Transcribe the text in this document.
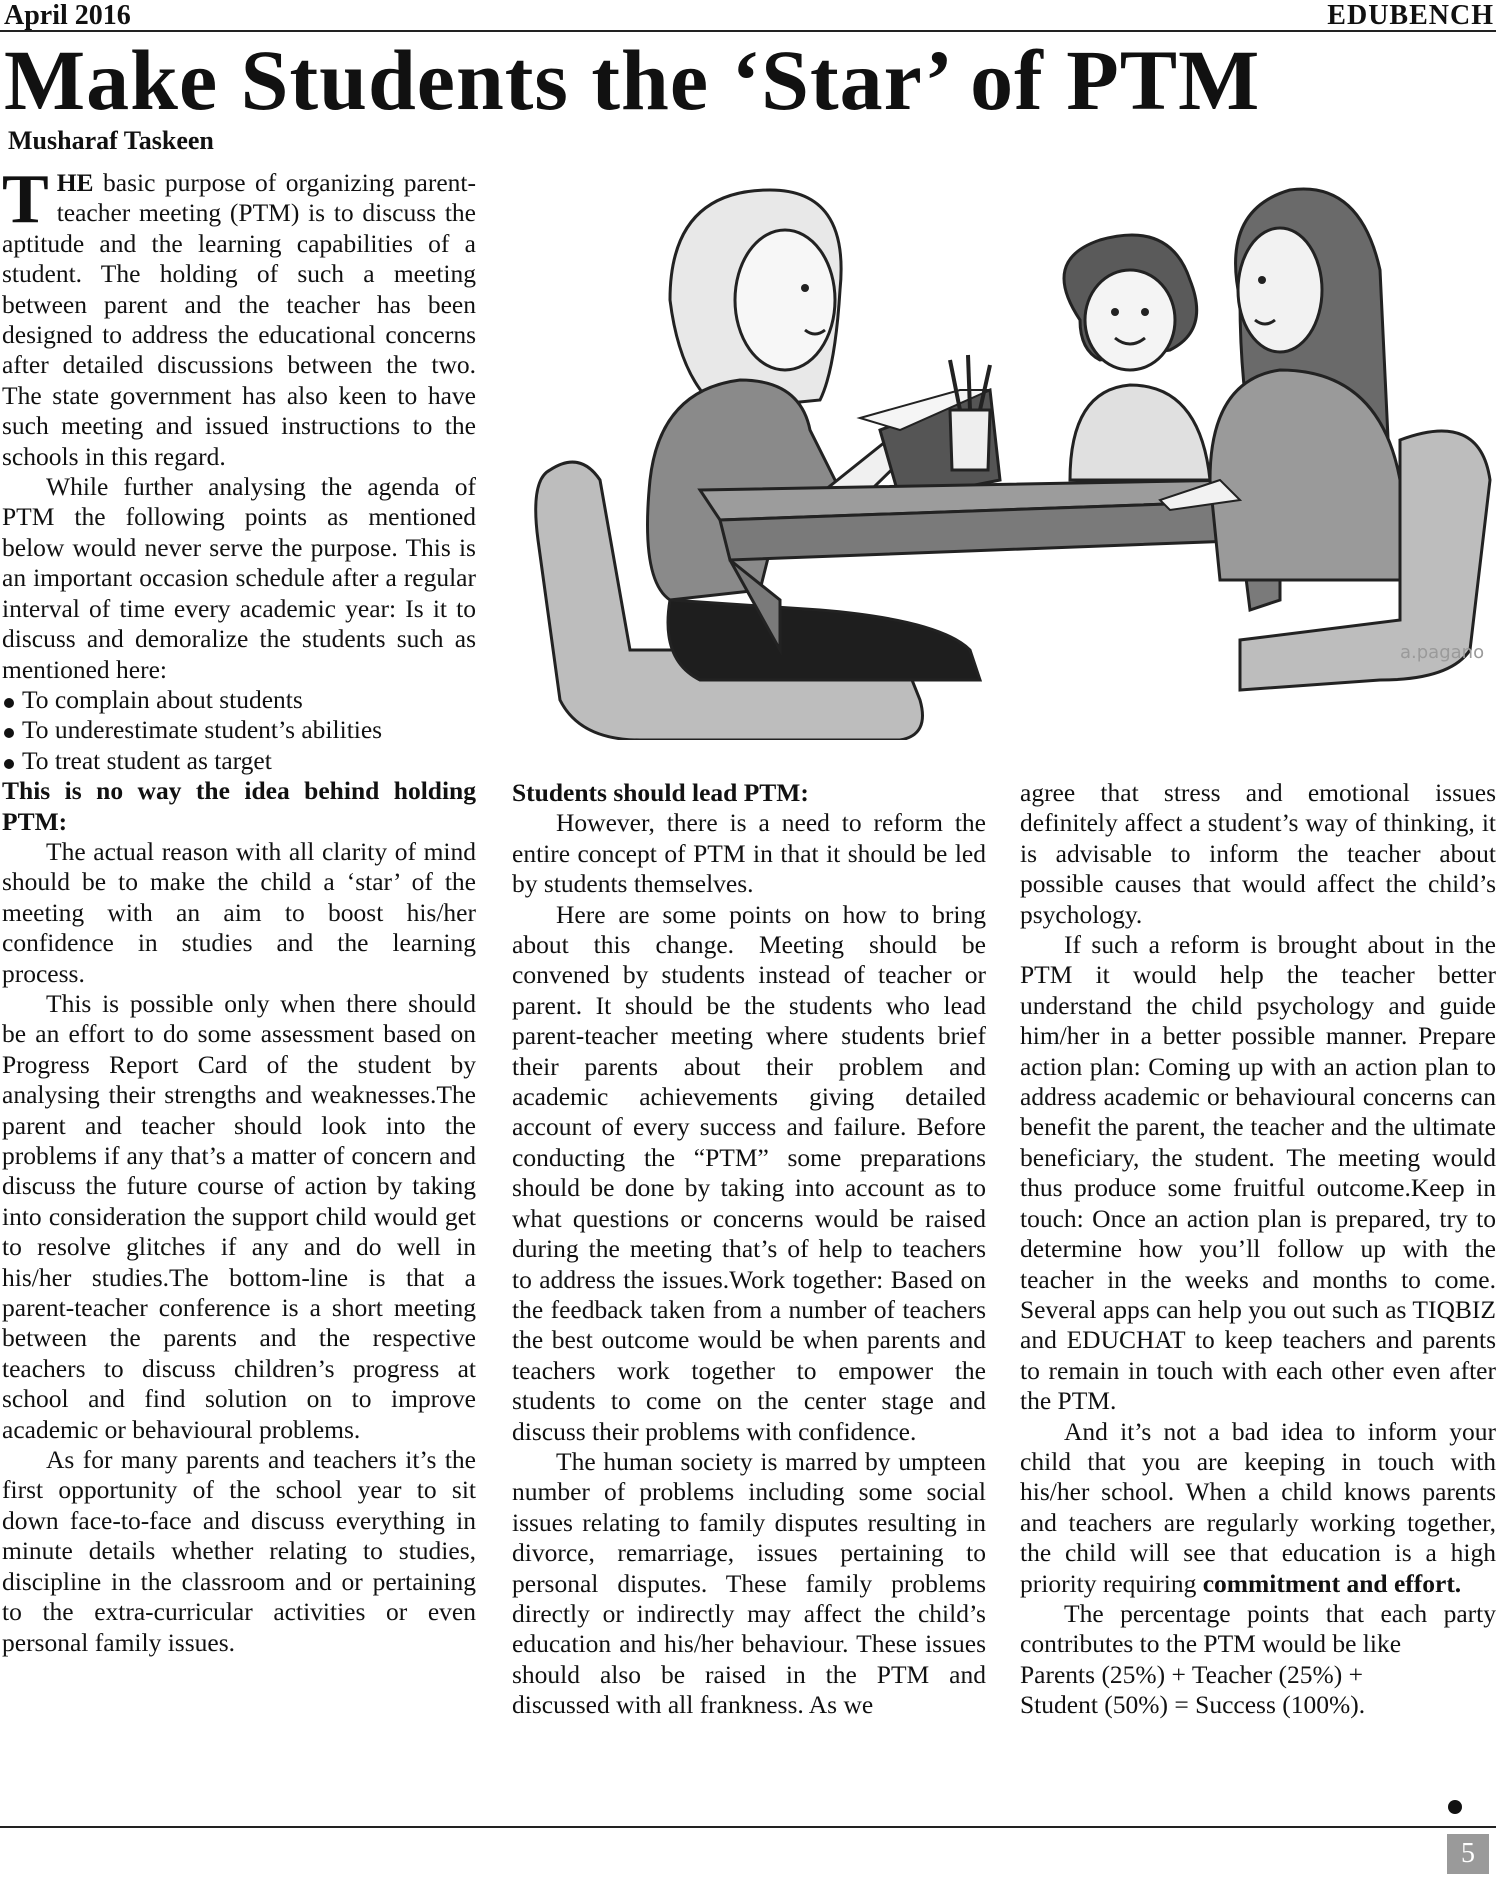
April 2016	EDUBENCH
Make Students the ‘Star’ of PTM
Musharaf Taskeen

THE basic purpose of organizing parent-teacher meeting (PTM) is to discuss the aptitude and the learning capabilities of a student. The holding of such a meeting between parent and the teacher has been designed to address the educational concerns after detailed discussions between the two. The state government has also keen to have such meeting and issued instructions to the schools in this regard.

While further analysing the agenda of PTM the following points as mentioned below would never serve the purpose. This is an important occasion schedule after a regular interval of time every academic year: Is it to discuss and demoralize the students such as mentioned here:

To complain about students
To underestimate student’s abilities
To treat student as target

This is no way the idea behind holding PTM:

The actual reason with all clarity of mind should be to make the child a ‘star’ of the meeting with an aim to boost his/her confidence in studies and the learning process.

This is possible only when there should be an effort to do some assessment based on Progress Report Card of the student by analysing their strengths and weaknesses.The parent and teacher should look into the problems if any that’s a matter of concern and discuss the future course of action by taking into consideration the support child would get to resolve glitches if any and do well in his/her studies.The bottom-line is that a parent-teacher conference is a short meeting between the parents and the respective teachers to discuss children’s progress at school and find solution on to improve academic or behavioural problems.

As for many parents and teachers it’s the first opportunity of the school year to sit down face-to-face and discuss everything in minute details whether relating to studies, discipline in the classroom and or pertaining to the extra-curricular activities or even personal family issues.

a.pagano

Students should lead PTM:

However, there is a need to reform the entire concept of PTM in that it should be led by students themselves.

Here are some points on how to bring about this change. Meeting should be convened by students instead of teacher or parent. It should be the students who lead parent-teacher meeting where students brief their parents about their problem and academic achievements giving detailed account of every success and failure. Before conducting the “PTM” some preparations should be done by taking into account as to what questions or concerns would be raised during the meeting that’s of help to teachers to address the issues.Work together: Based on the feedback taken from a number of teachers the best outcome would be when parents and teachers work together to empower the students to come on the center stage and discuss their problems with confidence.

The human society is marred by umpteen number of problems including some social issues relating to family disputes resulting in divorce, remarriage, issues pertaining to personal disputes. These family problems directly or indirectly may affect the child’s education and his/her behaviour. These issues should also be raised in the PTM and discussed with all frankness. As we

agree that stress and emotional issues definitely affect a student’s way of thinking, it is advisable to inform the teacher about possible causes that would affect the child’s psychology.

If such a reform is brought about in the PTM it would help the teacher better understand the child psychology and guide him/her in a better possible manner. Prepare action plan: Coming up with an action plan to address academic or behavioural concerns can benefit the parent, the teacher and the ultimate beneficiary, the student. The meeting would thus produce some fruitful outcome.Keep in touch: Once an action plan is prepared, try to determine how you’ll follow up with the teacher in the weeks and months to come. Several apps can help you out such as TIQBIZ and EDUCHAT to keep teachers and parents to remain in touch with each other even after the PTM.

And it’s not a bad idea to inform your child that you are keeping in touch with his/her school. When a child knows parents and teachers are regularly working together, the child will see that education is a high priority requiring commitment and effort.

The percentage points that each party contributes to the PTM would be like

Parents (25%) + Teacher (25%) +

Student (50%) = Success (100%).

5
